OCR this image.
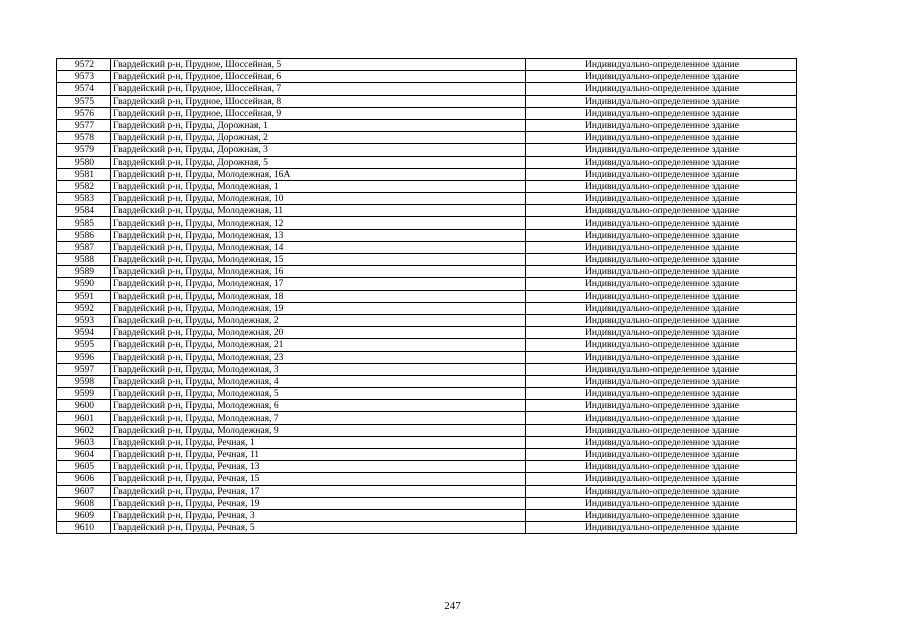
9572	Гвардейский р-н, Прудное, Шоссейная, 5	Индивидуально-определенное здание
9573	Гвардейский р-н, Прудное, Шоссейная, 6	Индивидуально-определенное здание
9574	Гвардейский р-н, Прудное, Шоссейная, 7	Индивидуально-определенное здание
9575	Гвардейский р-н, Прудное, Шоссейная, 8	Индивидуально-определенное здание
9576	Гвардейский р-н, Прудное, Шоссейная, 9	Индивидуально-определенное здание
9577	Гвардейский р-н, Пруды, Дорожная, 1	Индивидуально-определенное здание
9578	Гвардейский р-н, Пруды, Дорожная, 2	Индивидуально-определенное здание
9579	Гвардейский р-н, Пруды, Дорожная, 3	Индивидуально-определенное здание
9580	Гвардейский р-н, Пруды, Дорожная, 5	Индивидуально-определенное здание
9581	Гвардейский р-н, Пруды, Молодежная, 16А	Индивидуально-определенное здание
9582	Гвардейский р-н, Пруды, Молодежная, 1	Индивидуально-определенное здание
9583	Гвардейский р-н, Пруды, Молодежная, 10	Индивидуально-определенное здание
9584	Гвардейский р-н, Пруды, Молодежная, 11	Индивидуально-определенное здание
9585	Гвардейский р-н, Пруды, Молодежная, 12	Индивидуально-определенное здание
9586	Гвардейский р-н, Пруды, Молодежная, 13	Индивидуально-определенное здание
9587	Гвардейский р-н, Пруды, Молодежная, 14	Индивидуально-определенное здание
9588	Гвардейский р-н, Пруды, Молодежная, 15	Индивидуально-определенное здание
9589	Гвардейский р-н, Пруды, Молодежная, 16	Индивидуально-определенное здание
9590	Гвардейский р-н, Пруды, Молодежная, 17	Индивидуально-определенное здание
9591	Гвардейский р-н, Пруды, Молодежная, 18	Индивидуально-определенное здание
9592	Гвардейский р-н, Пруды, Молодежная, 19	Индивидуально-определенное здание
9593	Гвардейский р-н, Пруды, Молодежная, 2	Индивидуально-определенное здание
9594	Гвардейский р-н, Пруды, Молодежная, 20	Индивидуально-определенное здание
9595	Гвардейский р-н, Пруды, Молодежная, 21	Индивидуально-определенное здание
9596	Гвардейский р-н, Пруды, Молодежная, 23	Индивидуально-определенное здание
9597	Гвардейский р-н, Пруды, Молодежная, 3	Индивидуально-определенное здание
9598	Гвардейский р-н, Пруды, Молодежная, 4	Индивидуально-определенное здание
9599	Гвардейский р-н, Пруды, Молодежная, 5	Индивидуально-определенное здание
9600	Гвардейский р-н, Пруды, Молодежная, 6	Индивидуально-определенное здание
9601	Гвардейский р-н, Пруды, Молодежная, 7	Индивидуально-определенное здание
9602	Гвардейский р-н, Пруды, Молодежная, 9	Индивидуально-определенное здание
9603	Гвардейский р-н, Пруды, Речная, 1	Индивидуально-определенное здание
9604	Гвардейский р-н, Пруды, Речная, 11	Индивидуально-определенное здание
9605	Гвардейский р-н, Пруды, Речная, 13	Индивидуально-определенное здание
9606	Гвардейский р-н, Пруды, Речная, 15	Индивидуально-определенное здание
9607	Гвардейский р-н, Пруды, Речная, 17	Индивидуально-определенное здание
9608	Гвардейский р-н, Пруды, Речная, 19	Индивидуально-определенное здание
9609	Гвардейский р-н, Пруды, Речная, 3	Индивидуально-определенное здание
9610	Гвардейский р-н, Пруды, Речная, 5	Индивидуально-определенное здание
247
